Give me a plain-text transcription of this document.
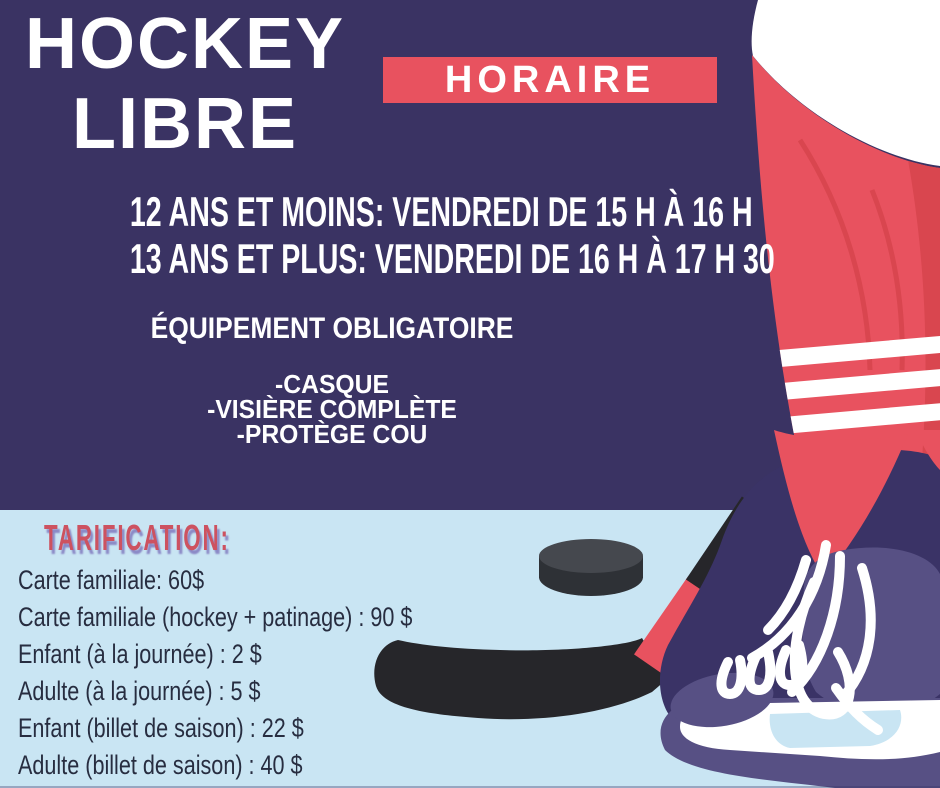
HOCKEY
LIBRE
HORAIRE
12 ANS ET MOINS: VENDREDI DE 15 H À 16 H
13 ANS ET PLUS: VENDREDI DE 16 H À 17 H 30
ÉQUIPEMENT OBLIGATOIRE
-CASQUE
-VISIÈRE COMPLÈTE
-PROTÈGE COU
TARIFICATION:
Carte familiale: 60$
Carte familiale (hockey + patinage) : 90 $
Enfant (à la journée) : 2 $
Adulte (à la journée) : 5 $
Enfant (billet de saison) : 22 $
Adulte (billet de saison) : 40 $
